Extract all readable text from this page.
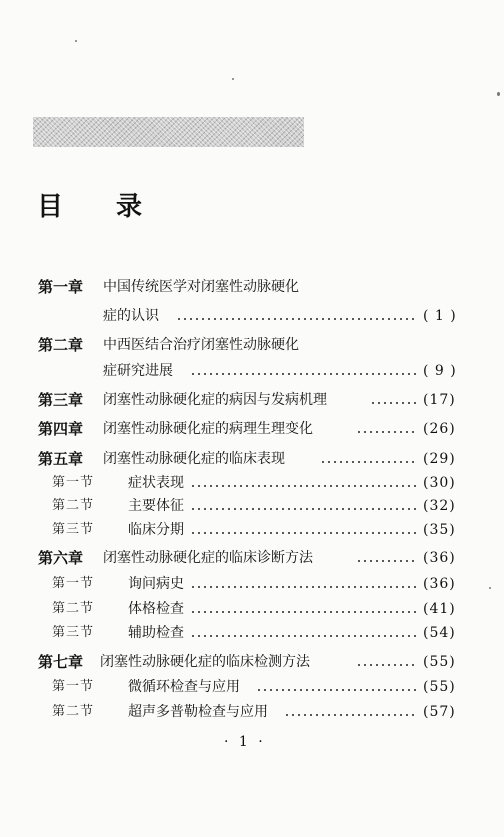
目 录
第一章 中国传统医学对闭塞性动脉硬化
症的认识	( 1 )
第二章 中西医结合治疗闭塞性动脉硬化
症研究进展	( 9 )
第三章 闭塞性动脉硬化症的病因与发病机理	(17)
第四章 闭塞性动脉硬化症的病理生理变化	(26)
第五章 闭塞性动脉硬化症的临床表现	(29)
第一节 症状表现	(30)
第二节 主要体征	(32)
第三节 临床分期	(35)
第六章 闭塞性动脉硬化症的临床诊断方法	(36)
第一节 询问病史	(36)
第二节 体格检查	(41)
第三节 辅助检查	(54)
第七章 闭塞性动脉硬化症的临床检测方法	(55)
第一节 微循环检查与应用	(55)
第二节 超声多普勒检查与应用	(57)
· 1 ·
